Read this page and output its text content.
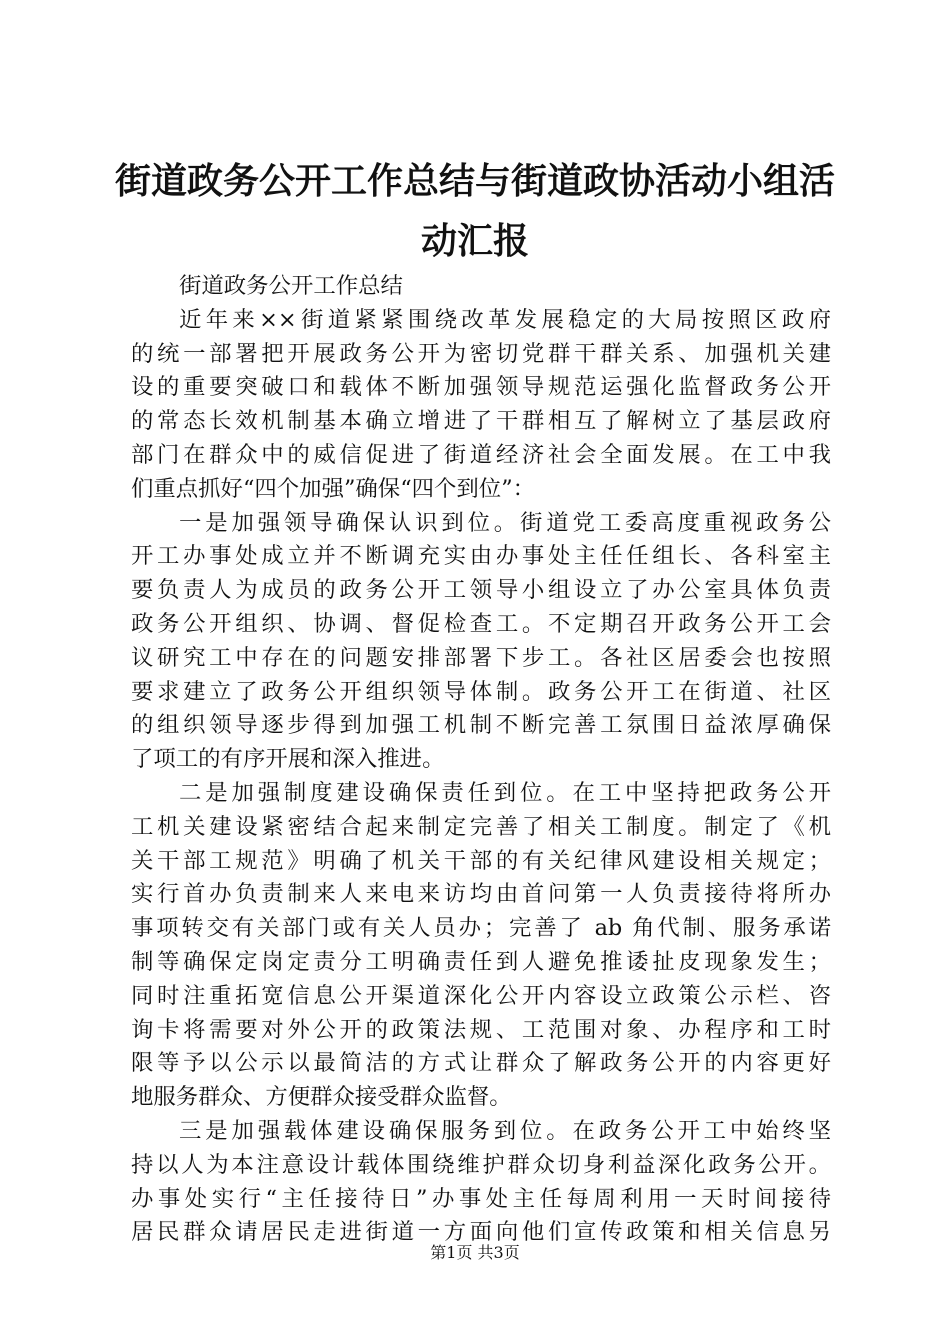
街道政务公开工作总结与街道政协活动小组活
动汇报
街道政务公开工作总结
近年来××街道紧紧围绕改革发展稳定的大局按照区政府
的统一部署把开展政务公开为密切党群干群关系、加强机关建
设的重要突破口和载体不断加强领导规范运强化监督政务公开
的常态长效机制基本确立增进了干群相互了解树立了基层政府
部门在群众中的威信促进了街道经济社会全面发展。在工中我
们重点抓好“四个加强”确保“四个到位”：
一是加强领导确保认识到位。街道党工委高度重视政务公
开工办事处成立并不断调充实由办事处主任任组长、各科室主
要负责人为成员的政务公开工领导小组设立了办公室具体负责
政务公开组织、协调、督促检查工。不定期召开政务公开工会
议研究工中存在的问题安排部署下步工。各社区居委会也按照
要求建立了政务公开组织领导体制。政务公开工在街道、社区
的组织领导逐步得到加强工机制不断完善工氛围日益浓厚确保
了项工的有序开展和深入推进。
二是加强制度建设确保责任到位。在工中坚持把政务公开
工机关建设紧密结合起来制定完善了相关工制度。制定了《机
关干部工规范》明确了机关干部的有关纪律风建设相关规定；
实行首办负责制来人来电来访均由首问第一人负责接待将所办
事项转交有关部门或有关人员办；完善了 ab 角代制、服务承诺
制等确保定岗定责分工明确责任到人避免推诿扯皮现象发生；
同时注重拓宽信息公开渠道深化公开内容设立政策公示栏、咨
询卡将需要对外公开的政策法规、工范围对象、办程序和工时
限等予以公示以最简洁的方式让群众了解政务公开的内容更好
地服务群众、方便群众接受群众监督。
三是加强载体建设确保服务到位。在政务公开工中始终坚
持以人为本注意设计载体围绕维护群众切身利益深化政务公开。
办事处实行“主任接待日”办事处主任每周利用一天时间接待
居民群众请居民走进街道一方面向他们宣传政策和相关信息另
第1页 共3页
